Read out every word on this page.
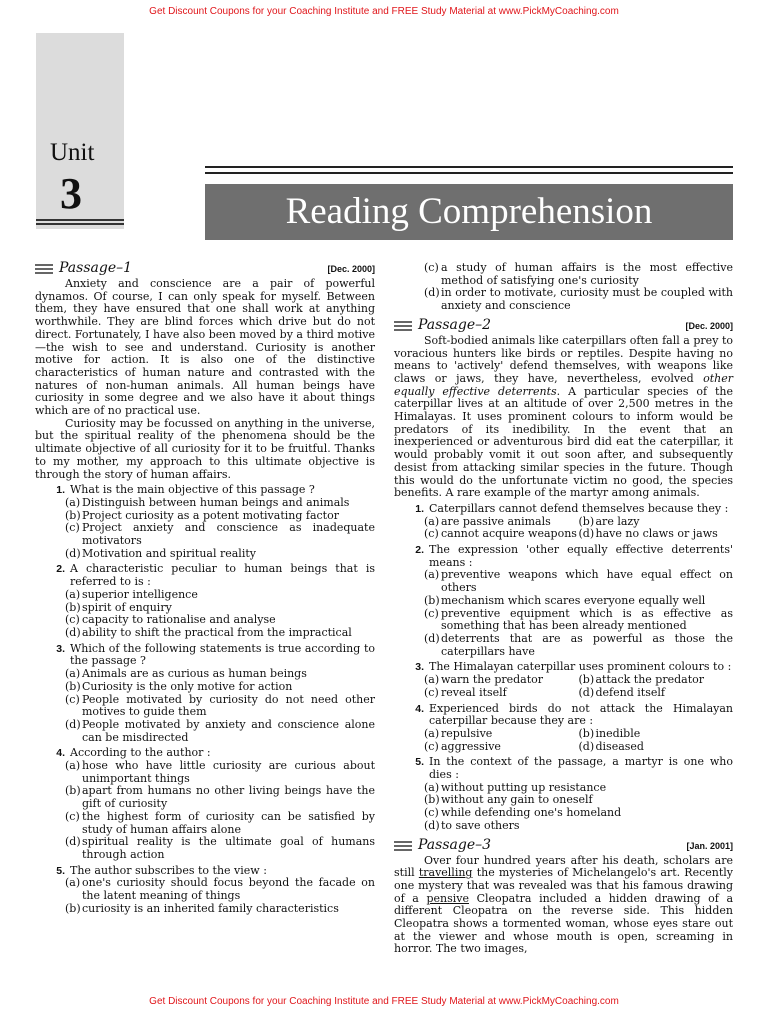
Get Discount Coupons for your Coaching Institute and FREE Study Material at www.PickMyCoaching.com
Unit
3	Reading Comprehension
Passage–1	[Dec. 2000]

Anxiety and conscience are a pair of powerful dynamos. Of course, I can only speak for myself. Between them, they have ensured that one shall work at anything worthwhile. They are blind forces which drive but do not direct. Fortunately, I have also been moved by a third motive—the wish to see and understand. Curiosity is another motive for action. It is also one of the distinctive characteristics of human nature and contrasted with the natures of non-human animals. All human beings have curiosity in some degree and we also have it about things which are of no practical use.

Curiosity may be focussed on anything in the universe, but the spiritual reality of the phenomena should be the ultimate objective of all curiosity for it to be fruitful. Thanks to my mother, my approach to this ultimate objective is through the story of human affairs.

1. What is the main objective of this passage ?
(a) Distinguish between human beings and animals
(b) Project curiosity as a potent motivating factor
(c) Project anxiety and conscience as inadequate motivators
(d) Motivation and spiritual reality
2. A characteristic peculiar to human beings that is referred to is :
(a) superior intelligence
(b) spirit of enquiry
(c) capacity to rationalise and analyse
(d) ability to shift the practical from the impractical
3. Which of the following statements is true according to the passage ?
(a) Animals are as curious as human beings
(b) Curiosity is the only motive for action
(c) People motivated by curiosity do not need other motives to guide them
(d) People motivated by anxiety and conscience alone can be misdirected
4. According to the author :
(a) hose who have little curiosity are curious about unimportant things
(b) apart from humans no other living beings have the gift of curiosity
(c) the highest form of curiosity can be satisfied by study of human affairs alone
(d) spiritual reality is the ultimate goal of humans through action
5. The author subscribes to the view :
(a) one's curiosity should focus beyond the facade on the latent meaning of things
(b) curiosity is an inherited family characteristics
(c) a study of human affairs is the most effective method of satisfying one's curiosity
(d) in order to motivate, curiosity must be coupled with anxiety and conscience
Passage–2	[Dec. 2000]

Soft-bodied animals like caterpillars often fall a prey to voracious hunters like birds or reptiles. Despite having no means to 'actively' defend themselves, with weapons like claws or jaws, they have, nevertheless, evolved other equally effective deterrents. A particular species of the caterpillar lives at an altitude of over 2,500 metres in the Himalayas. It uses prominent colours to inform would be predators of its inedibility. In the event that an inexperienced or adventurous bird did eat the caterpillar, it would probably vomit it out soon after, and subsequently desist from attacking similar species in the future. Though this would do the unfortunate victim no good, the species benefits. A rare example of the martyr among animals.

1. Caterpillars cannot defend themselves because they :
(a) are passive animals	(b) are lazy
(c) cannot acquire weapons (d) have no claws or jaws
2. The expression 'other equally effective deterrents' means :
(a) preventive weapons which have equal effect on others
(b) mechanism which scares everyone equally well
(c) preventive equipment which is as effective as something that has been already mentioned
(d) deterrents that are as powerful as those the caterpillars have
3. The Himalayan caterpillar uses prominent colours to :
(a) warn the predator	(b) attack the predator
(c) reveal itself	(d) defend itself
4. Experienced birds do not attack the Himalayan caterpillar because they are :
(a) repulsive	(b) inedible
(c) aggressive	(d) diseased
5. In the context of the passage, a martyr is one who dies :
(a) without putting up resistance
(b) without any gain to oneself
(c) while defending one's homeland
(d) to save others
Passage–3	[Jan. 2001]

Over four hundred years after his death, scholars are still travelling the mysteries of Michelangelo's art. Recently one mystery that was revealed was that his famous drawing of a pensive Cleopatra included a hidden drawing of a different Cleopatra on the reverse side. This hidden Cleopatra shows a tormented woman, whose eyes stare out at the viewer and whose mouth is open, screaming in horror. The two images,

Get Discount Coupons for your Coaching Institute and FREE Study Material at www.PickMyCoaching.com
